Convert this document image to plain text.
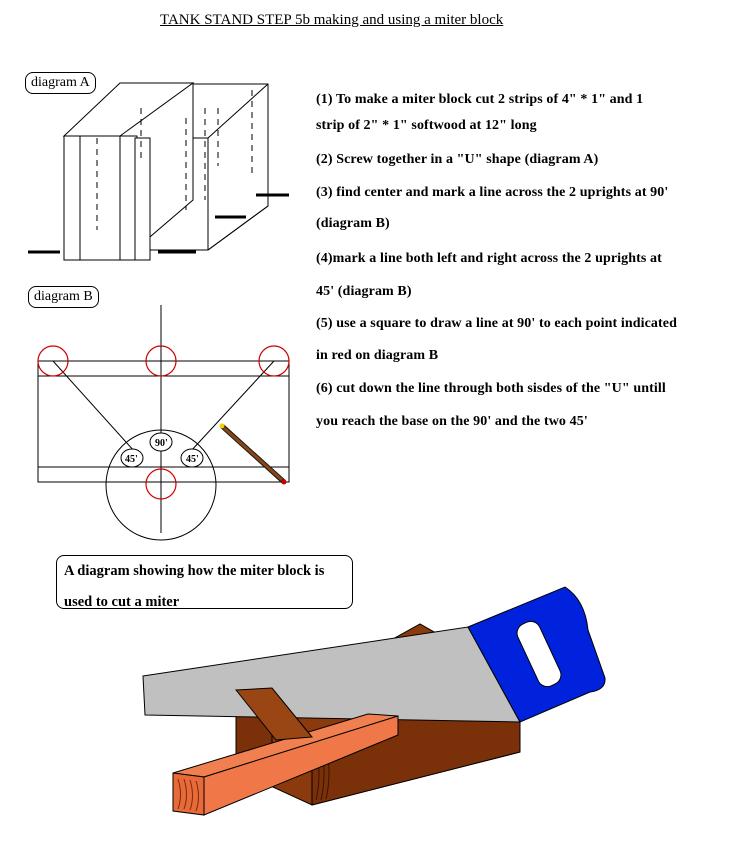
TANK STAND STEP 5b making and using a miter block
90'
45'	45'
diagram A
diagram B
(1) To make a miter block cut 2 strips of 4" * 1" and 1
strip of 2" * 1" softwood at 12" long
(2) Screw together in a "U" shape (diagram A)
(3) find center and mark a line across the 2 uprights at 90'
(diagram B)
(4)mark a line both left and right across the 2 uprights at
45' (diagram B)
(5) use a square to draw a line at 90' to each point indicated
in red on diagram B
(6) cut down the line through both sisdes of the "U" untill
you reach the base on the 90' and the two 45'
A diagram showing how the miter block is
used to cut a miter
